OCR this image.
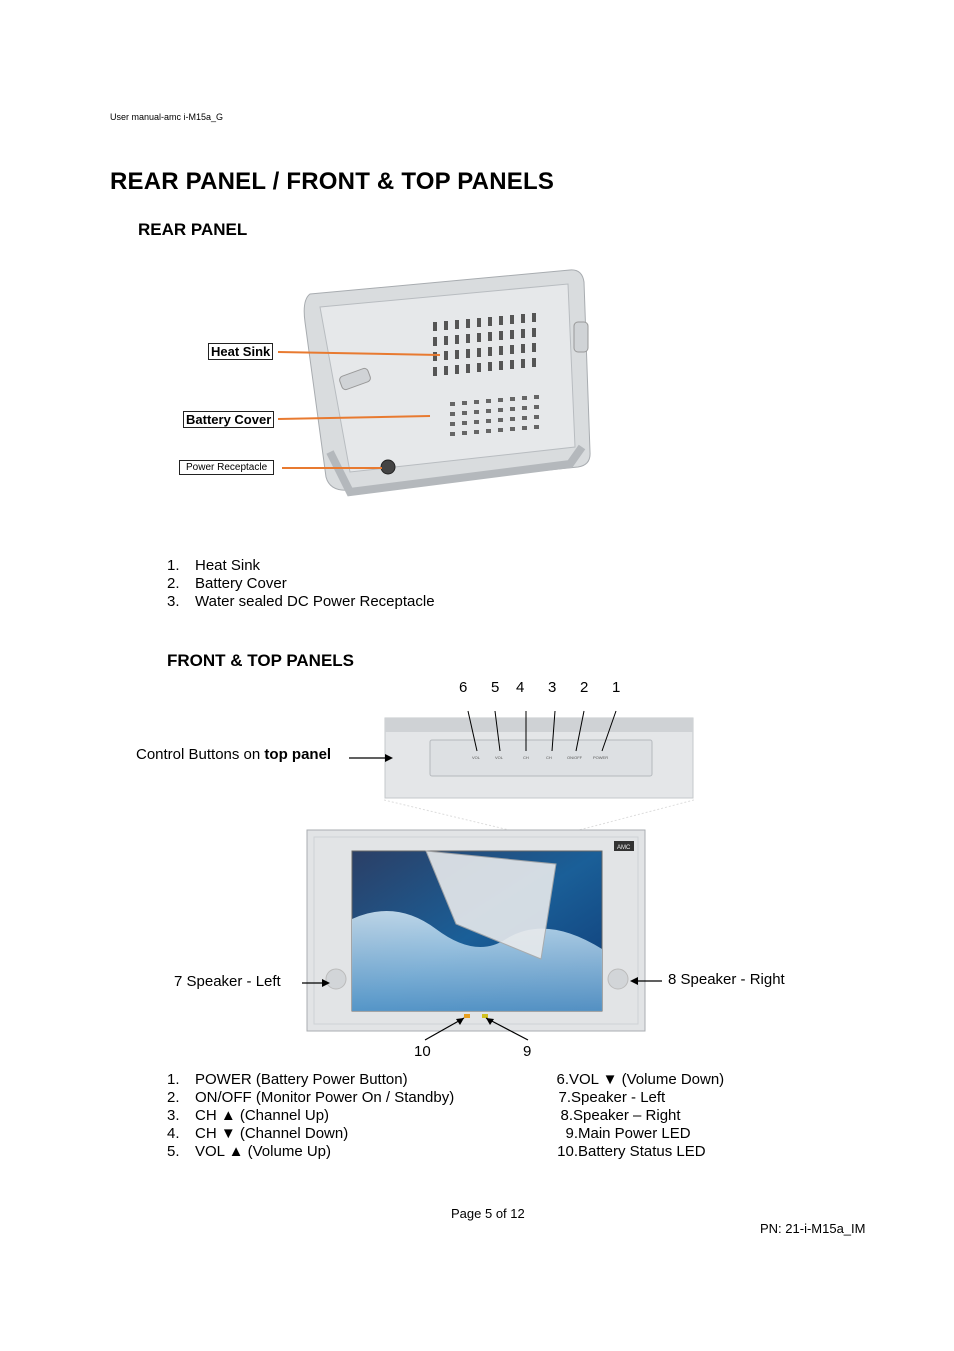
User manual-amc i-M15a_G
REAR PANEL / FRONT & TOP PANELS
REAR PANEL
Heat Sink
Battery Cover
Power Receptacle
1.	Heat Sink
2.	Battery Cover
3.	Water sealed DC Power Receptacle
FRONT & TOP PANELS
6 5 4 3 2 1
VOL	VOL	CH	CH	ON/OFF	POWER
Control Buttons on top panel
AMC
7 Speaker - Left	8 Speaker - Right
10	9
1.	POWER (Battery Power Button)
2.	ON/OFF (Monitor Power On / Standby)
3.	CH ▲ (Channel Up)
4.	CH ▼ (Channel Down)
5.	VOL ▲ (Volume Up)
6. VOL ▼ (Volume Down)
7. Speaker - Left
8. Speaker – Right
9. Main Power LED
10. Battery Status LED
Page 5 of 12
PN: 21-i-M15a_IM
